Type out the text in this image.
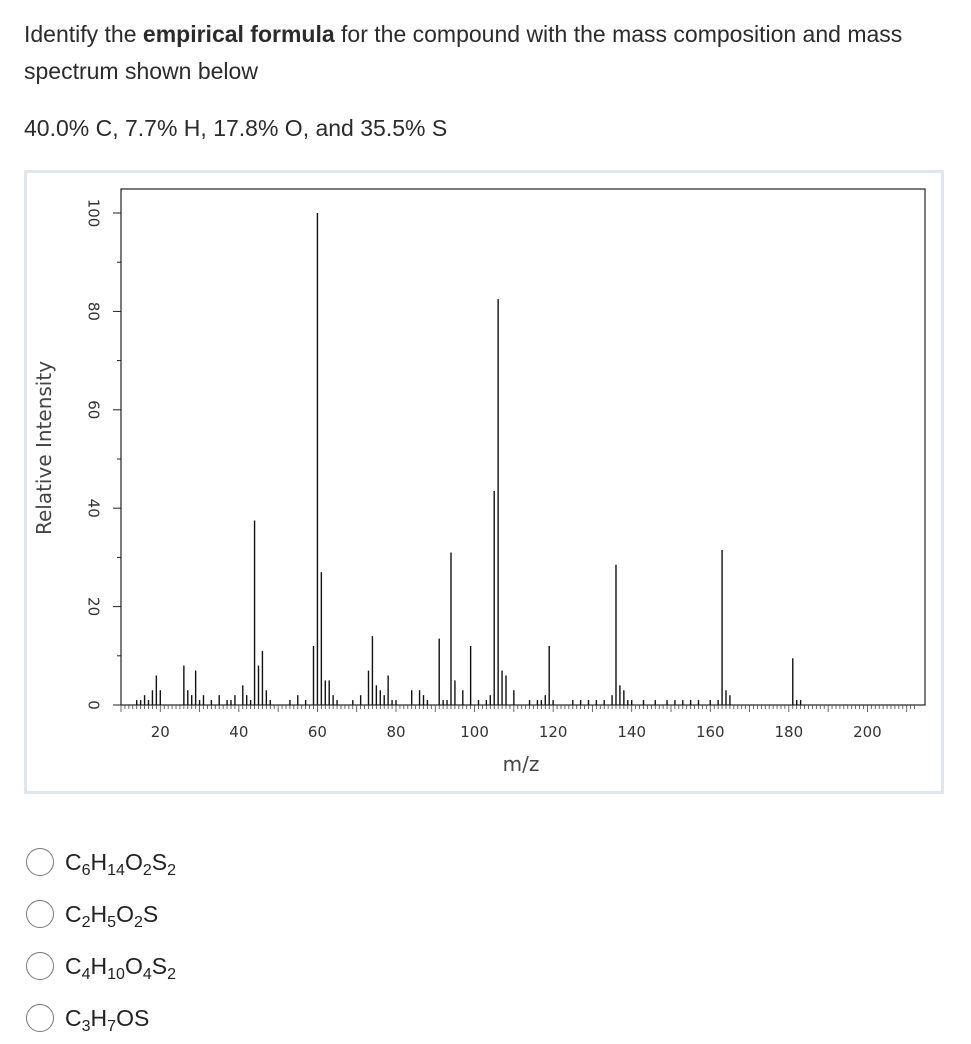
Identify the empirical formula for the compound with the mass composition and mass spectrum shown below

40.0% C, 7.7% H, 17.8% O, and 35.5% S

0
20
40
60
80
100
20	40	60	80	100	120	140	160	180	200
m/z
Relative Intensity
$C_6H_{14}O_2S_2$
$C_2H_5O_2S$
$C_4H_{10}O_4S_2$
$C_3H_7OS$
